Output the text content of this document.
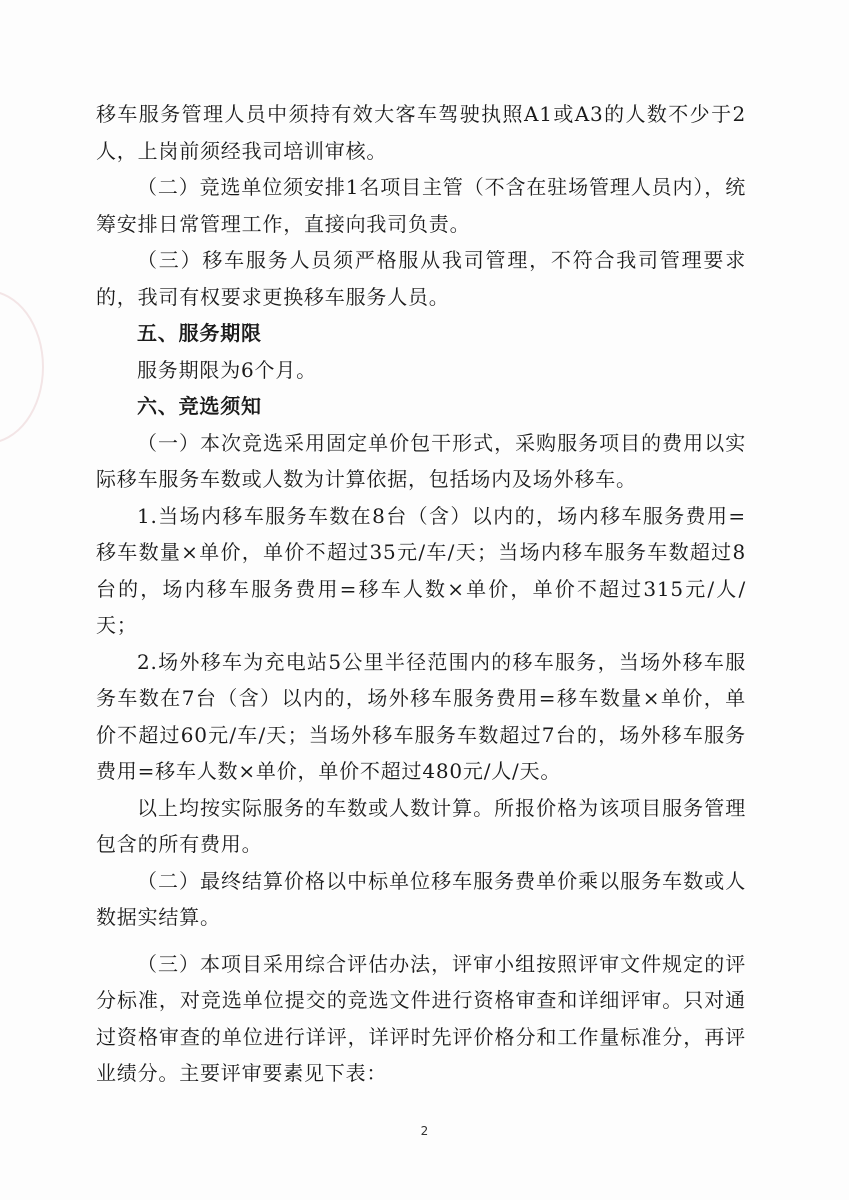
移车服务管理人员中须持有效大客车驾驶执照A1或A3的人数不少于2人，上岗前须经我司培训审核。

（二）竞选单位须安排1名项目主管（不含在驻场管理人员内），统筹安排日常管理工作，直接向我司负责。

（三）移车服务人员须严格服从我司管理，不符合我司管理要求的，我司有权要求更换移车服务人员。

五、服务期限

服务期限为6个月。

六、竞选须知

（一）本次竞选采用固定单价包干形式，采购服务项目的费用以实际移车服务车数或人数为计算依据，包括场内及场外移车。

1.当场内移车服务车数在8台（含）以内的，场内移车服务费用=移车数量×单价，单价不超过35元/车/天；当场内移车服务车数超过8台的，场内移车服务费用=移车人数×单价，单价不超过315元/人/天；

2.场外移车为充电站5公里半径范围内的移车服务，当场外移车服务车数在7台（含）以内的，场外移车服务费用=移车数量×单价，单价不超过60元/车/天；当场外移车服务车数超过7台的，场外移车服务费用=移车人数×单价，单价不超过480元/人/天。

以上均按实际服务的车数或人数计算。所报价格为该项目服务管理包含的所有费用。

（二）最终结算价格以中标单位移车服务费单价乘以服务车数或人数据实结算。

（三）本项目采用综合评估办法，评审小组按照评审文件规定的评分标准，对竞选单位提交的竞选文件进行资格审查和详细评审。只对通过资格审查的单位进行详评，详评时先评价格分和工作量标准分，再评业绩分。主要评审要素见下表：

2
